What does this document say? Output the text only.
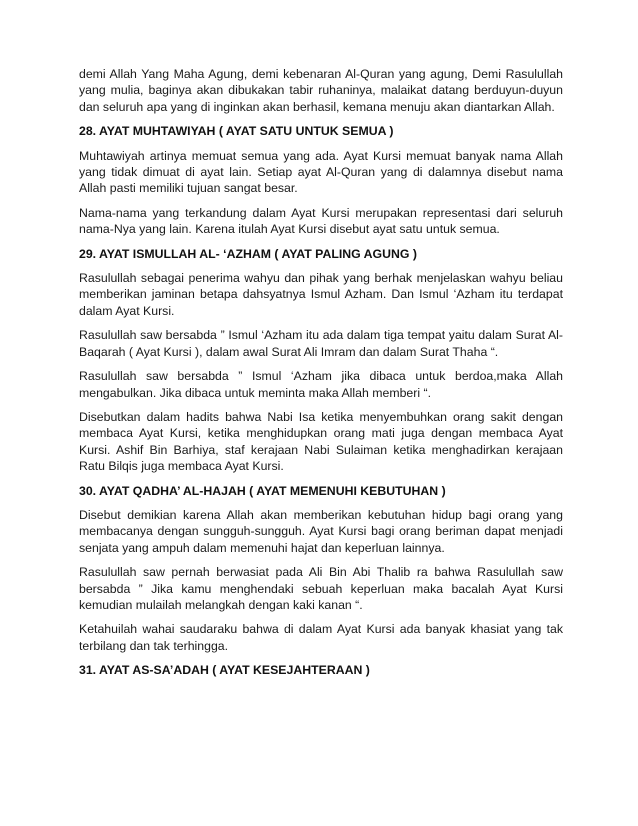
demi Allah Yang Maha Agung, demi kebenaran Al-Quran yang agung, Demi Rasulullah yang mulia, baginya akan dibukakan tabir ruhaninya, malaikat datang berduyun-duyun dan seluruh apa yang di inginkan akan berhasil, kemana menuju akan diantarkan Allah.

28. AYAT MUHTAWIYAH ( AYAT SATU UNTUK SEMUA )

Muhtawiyah artinya memuat semua yang ada. Ayat Kursi memuat banyak nama Allah yang tidak dimuat di ayat lain. Setiap ayat Al-Quran yang di dalamnya disebut nama Allah pasti memiliki tujuan sangat besar.

Nama-nama yang terkandung dalam Ayat Kursi merupakan representasi dari seluruh nama-Nya yang lain. Karena itulah Ayat Kursi disebut ayat satu untuk semua.

29. AYAT ISMULLAH AL- ‘AZHAM ( AYAT PALING AGUNG )

Rasulullah sebagai penerima wahyu dan pihak yang berhak menjelaskan wahyu beliau memberikan jaminan betapa dahsyatnya Ismul Azham. Dan Ismul ‘Azham itu terdapat dalam Ayat Kursi.

Rasulullah saw bersabda ” Ismul ‘Azham itu ada dalam tiga tempat yaitu dalam Surat Al-Baqarah ( Ayat Kursi ), dalam awal Surat Ali Imram dan dalam Surat Thaha “.

Rasulullah saw bersabda ” Ismul ‘Azham jika dibaca untuk berdoa,maka Allah mengabulkan. Jika dibaca untuk meminta maka Allah memberi “.

Disebutkan dalam hadits bahwa Nabi Isa ketika menyembuhkan orang sakit dengan membaca Ayat Kursi, ketika menghidupkan orang mati juga dengan membaca Ayat Kursi. Ashif Bin Barhiya, staf kerajaan Nabi Sulaiman ketika menghadirkan kerajaan Ratu Bilqis juga membaca Ayat Kursi.

30. AYAT QADHA’ AL-HAJAH ( AYAT MEMENUHI KEBUTUHAN )

Disebut demikian karena Allah akan memberikan kebutuhan hidup bagi orang yang membacanya dengan sungguh-sungguh. Ayat Kursi bagi orang beriman dapat menjadi senjata yang ampuh dalam memenuhi hajat dan keperluan lainnya.

Rasulullah saw pernah berwasiat pada Ali Bin Abi Thalib ra bahwa Rasulullah saw bersabda ” Jika kamu menghendaki sebuah keperluan maka bacalah Ayat Kursi kemudian mulailah melangkah dengan kaki kanan “.

Ketahuilah wahai saudaraku bahwa di dalam Ayat Kursi ada banyak khasiat yang tak terbilang dan tak terhingga.

31. AYAT AS-SA’ADAH ( AYAT KESEJAHTERAAN )
